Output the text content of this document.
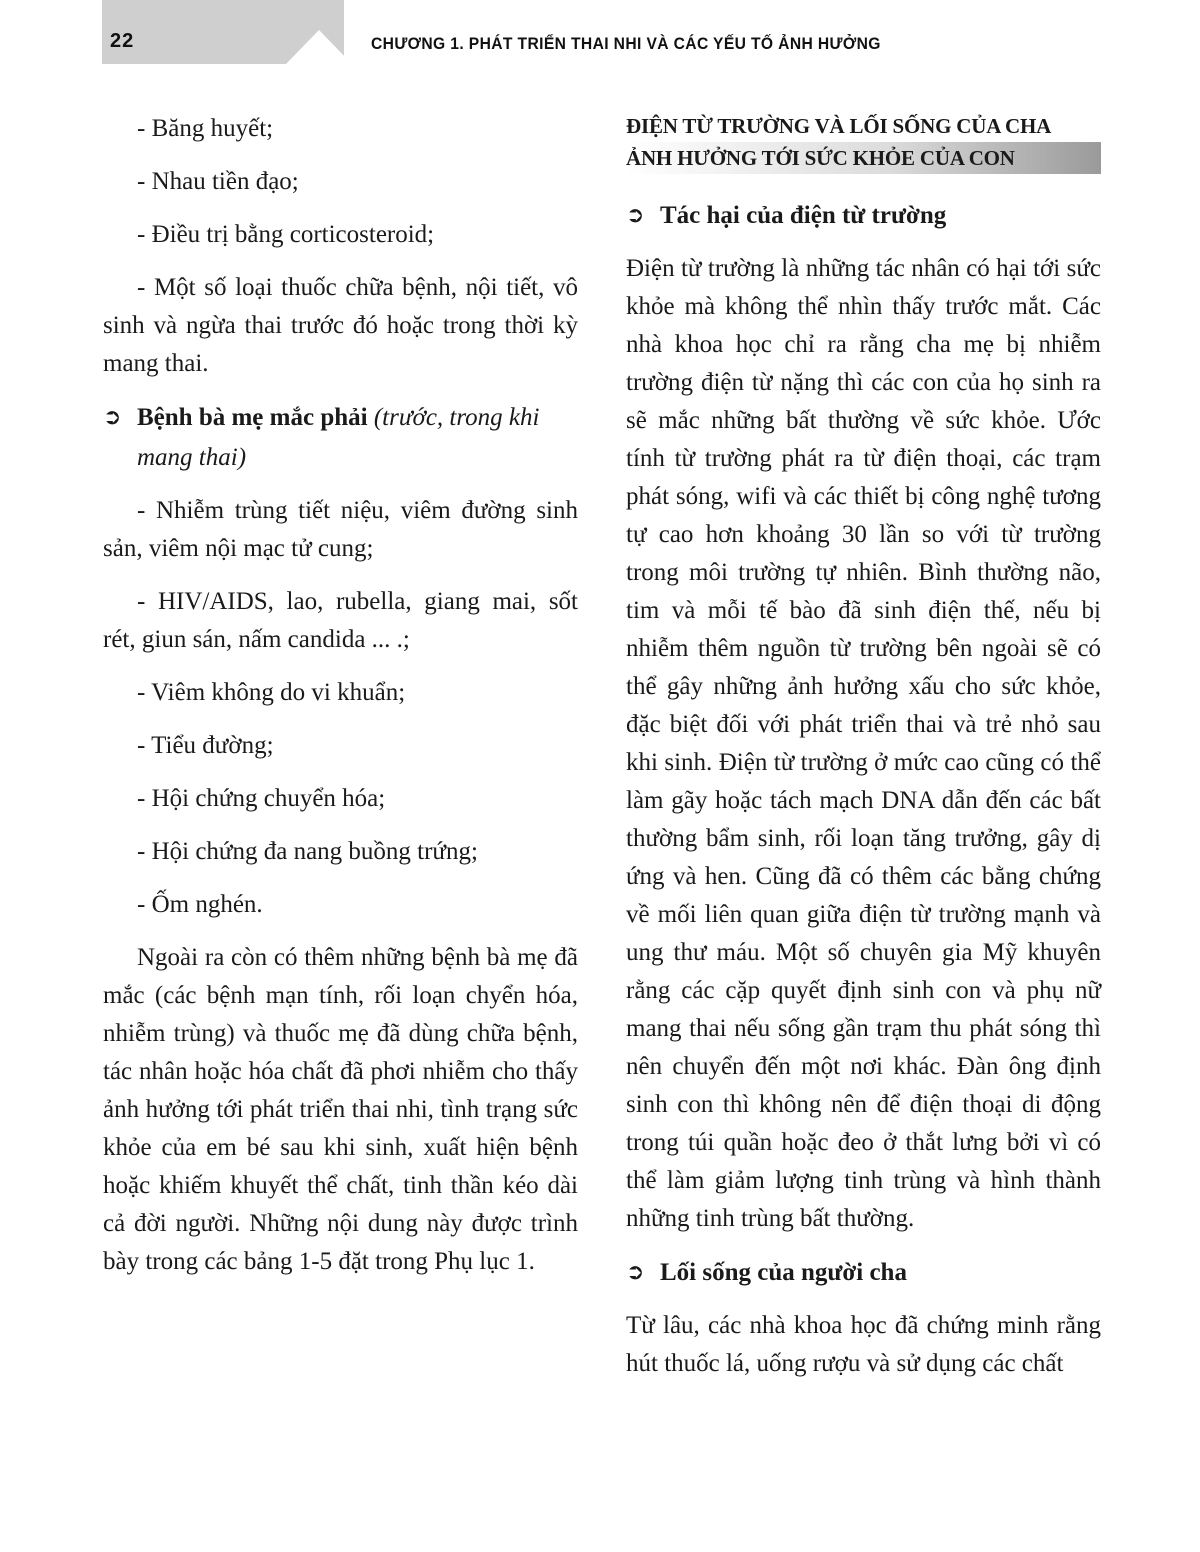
22	CHƯƠNG 1. PHÁT TRIỂN THAI NHI VÀ CÁC YẾU TỐ ẢNH HƯỞNG

- Băng huyết;

- Nhau tiền đạo;

- Điều trị bằng corticosteroid;

- Một số loại thuốc chữa bệnh, nội tiết, vô sinh và ngừa thai trước đó hoặc trong thời kỳ mang thai.

➲ Bệnh bà mẹ mắc phải (trước, trong khi mang thai)

- Nhiễm trùng tiết niệu, viêm đường sinh sản, viêm nội mạc tử cung;

- HIV/AIDS, lao, rubella, giang mai, sốt rét, giun sán, nấm candida ... .;

- Viêm không do vi khuẩn;

- Tiểu đường;

- Hội chứng chuyển hóa;

- Hội chứng đa nang buồng trứng;

- Ốm nghén.

Ngoài ra còn có thêm những bệnh bà mẹ đã mắc (các bệnh mạn tính, rối loạn chyển hóa, nhiễm trùng) và thuốc mẹ đã dùng chữa bệnh, tác nhân hoặc hóa chất đã phơi nhiễm cho thấy ảnh hưởng tới phát triển thai nhi, tình trạng sức khỏe của em bé sau khi sinh, xuất hiện bệnh hoặc khiếm khuyết thể chất, tinh thần kéo dài cả đời người. Những nội dung này được trình bày trong các bảng 1-5 đặt trong Phụ lục 1.

ĐIỆN TỪ TRƯỜNG VÀ LỐI SỐNG CỦA CHA
ẢNH HƯỞNG TỚI SỨC KHỎE CỦA CON
➲ Tác hại của điện từ trường

Điện từ trường là những tác nhân có hại tới sức khỏe mà không thể nhìn thấy trước mắt. Các nhà khoa học chỉ ra rằng cha mẹ bị nhiễm trường điện từ nặng thì các con của họ sinh ra sẽ mắc những bất thường về sức khỏe. Ước tính từ trường phát ra từ điện thoại, các trạm phát sóng, wifi và các thiết bị công nghệ tương tự cao hơn khoảng 30 lần so với từ trường trong môi trường tự nhiên. Bình thường não, tim và mỗi tế bào đã sinh điện thế, nếu bị nhiễm thêm nguồn từ trường bên ngoài sẽ có thể gây những ảnh hưởng xấu cho sức khỏe, đặc biệt đối với phát triển thai và trẻ nhỏ sau khi sinh. Điện từ trường ở mức cao cũng có thể làm gãy hoặc tách mạch DNA dẫn đến các bất thường bẩm sinh, rối loạn tăng trưởng, gây dị ứng và hen. Cũng đã có thêm các bằng chứng về mối liên quan giữa điện từ trường mạnh và ung thư máu. Một số chuyên gia Mỹ khuyên rằng các cặp quyết định sinh con và phụ nữ mang thai nếu sống gần trạm thu phát sóng thì nên chuyển đến một nơi khác. Đàn ông định sinh con thì không nên để điện thoại di động trong túi quần hoặc đeo ở thắt lưng bởi vì có thể làm giảm lượng tinh trùng và hình thành những tinh trùng bất thường.

➲ Lối sống của người cha

Từ lâu, các nhà khoa học đã chứng minh rằng hút thuốc lá, uống rượu và sử dụng các chất
